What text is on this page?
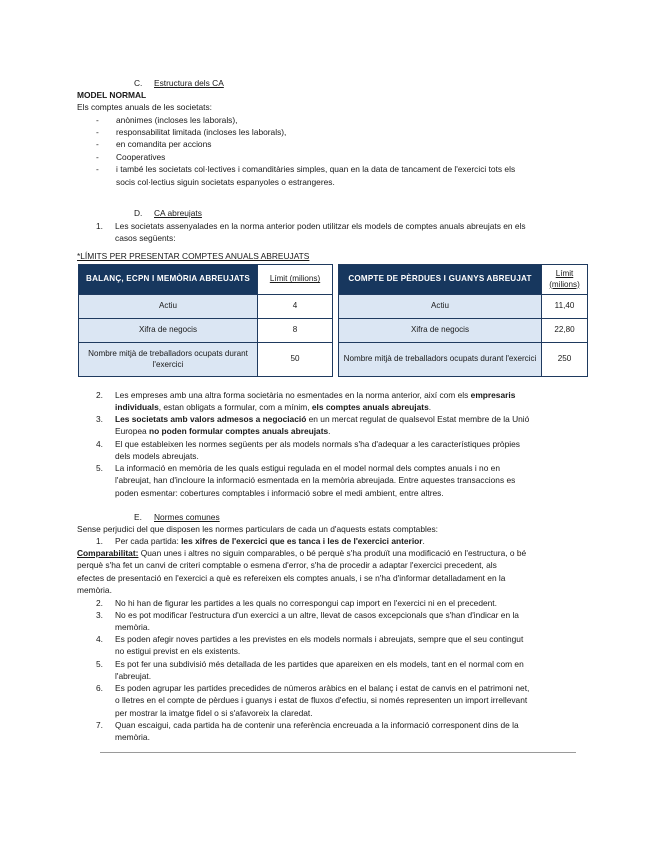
C. Estructura dels CA
MODEL NORMAL
Els comptes anuals de les societats:
- anònimes (incloses les laborals),
- responsabilitat limitada (incloses les laborals),
- en comandita per accions
- Cooperatives
- i també les societats col·lectives i comanditàries simples, quan en la data de tancament de l'exercici tots els
socis col·lectius siguin societats espanyoles o estrangeres.
D. CA abreujats
1. Les societats assenyalades en la norma anterior poden utilitzar els models de comptes anuals abreujats en els
casos següents:
*LÍMITS PER PRESENTAR COMPTES ANUALS ABREUJATS
BALANÇ, ECPN I MEMÒRIA ABREUJATS	Límit (milions)
Actiu	4
Xifra de negocis	8
Nombre mitjà de treballadors ocupats durant l'exercici	50
COMPTE DE PÈRDUES I GUANYS ABREUJAT	Límit (milions)
Actiu	11,40
Xifra de negocis	22,80
Nombre mitjà de treballadors ocupats durant l'exercici	250
2. Les empreses amb una altra forma societària no esmentades en la norma anterior, així com els empresaris
individuals, estan obligats a formular, com a mínim, els comptes anuals abreujats.
3. Les societats amb valors admesos a negociació en un mercat regulat de qualsevol Estat membre de la Unió
Europea no poden formular comptes anuals abreujats.
4. El que estableixen les normes següents per als models normals s'ha d'adequar a les característiques pròpies
dels models abreujats.
5. La informació en memòria de les quals estigui regulada en el model normal dels comptes anuals i no en
l'abreujat, han d'incloure la informació esmentada en la memòria abreujada. Entre aquestes transaccions es
poden esmentar: cobertures comptables i informació sobre el medi ambient, entre altres.
E. Normes comunes
Sense perjudici del que disposen les normes particulars de cada un d'aquests estats comptables:
1. Per cada partida: les xifres de l'exercici que es tanca i les de l'exercici anterior.
Comparabilitat: Quan unes i altres no siguin comparables, o bé perquè s'ha produït una modificació en l'estructura, o bé
perquè s'ha fet un canvi de criteri comptable o esmena d'error, s'ha de procedir a adaptar l'exercici precedent, als
efectes de presentació en l'exercici a què es refereixen els comptes anuals, i se n'ha d'informar detalladament en la
memòria.
2. No hi han de figurar les partides a les quals no correspongui cap import en l'exercici ni en el precedent.
3. No es pot modificar l'estructura d'un exercici a un altre, llevat de casos excepcionals que s'han d'indicar en la
memòria.
4. Es poden afegir noves partides a les previstes en els models normals i abreujats, sempre que el seu contingut
no estigui previst en els existents.
5. Es pot fer una subdivisió més detallada de les partides que apareixen en els models, tant en el normal com en
l'abreujat.
6. Es poden agrupar les partides precedides de números aràbics en el balanç i estat de canvis en el patrimoni net,
o lletres en el compte de pèrdues i guanys i estat de fluxos d'efectiu, si només representen un import irrellevant
per mostrar la imatge fidel o si s'afavoreix la claredat.
7. Quan escaigui, cada partida ha de contenir una referència encreuada a la informació corresponent dins de la
memòria.
